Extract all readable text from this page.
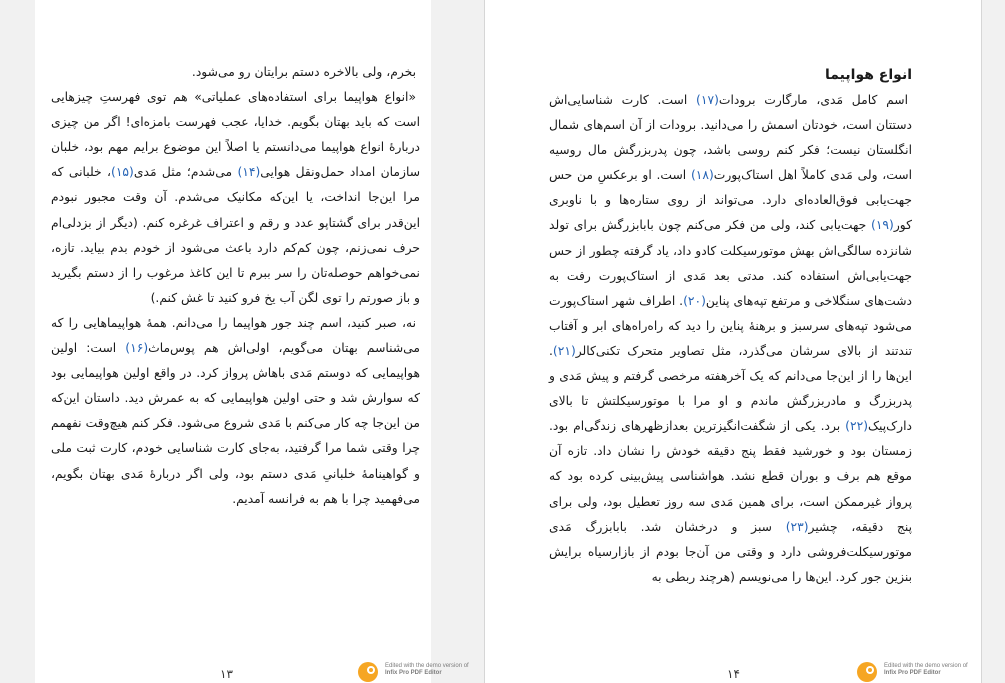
بخرم، ولی بالاخره دستم برایتان رو می‌شود.

«انواع هواپیما برای استفاده‌های عملیاتی» هم توی فهرستِ چیزهایی است که باید بهتان بگویم. خدایا، عجب فهرست بامزه‌ای! اگر من چیزی دربارهٔ انواع هواپیما می‌دانستم یا اصلاً این موضوع برایم مهم بود، خلبان سازمان امداد حمل‌ونقل هوایی(۱۴) می‌شدم؛ مثل مَدی(۱۵)، خلبانی که مرا این‌جا انداخت، یا این‌که مکانیک می‌شدم. آن وقت مجبور نبودم این‌قدر برای گشتاپو عدد و رقم و اعتراف غرغره کنم. (دیگر از بزدلی‌ام حرف نمی‌زنم، چون کم‌کم دارد باعث می‌شود از خودم بدم بیاید. تازه، نمی‌خواهم حوصله‌تان را سر ببرم تا این کاغذ مرغوب را از دستم بگیرید و باز صورتم را توی لگن آب یخ فرو کنید تا غش کنم.)

نه، صبر کنید، اسم چند جور هواپیما را می‌دانم. همهٔ هواپیماهایی را که می‌شناسم بهتان می‌گویم، اولی‌اش هم پوس‌ماث(۱۶) است: اولین هواپیمایی که دوستم مَدی باهاش پرواز کرد. در واقع اولین هواپیمایی بود که سوارش شد و حتی اولین هواپیمایی که به عمرش دید. داستان این‌که من این‌جا چه کار می‌کنم با مَدی شروع می‌شود. فکر کنم هیچ‌وقت نفهمم چرا وقتی شما مرا گرفتید، به‌جای کارت شناسایی خودم، کارت ثبت ملی و گواهینامهٔ خلبانیِ مَدی دستم بود، ولی اگر دربارهٔ مَدی بهتان بگویم، می‌فهمید چرا با هم به فرانسه آمدیم.

۱۳
Edited with the demo version of
Infix Pro PDF Editor

انواع هواپیما

اسم کامل مَدی، مارگارت برودات(۱۷) است. کارت شناسایی‌اش دستتان است، خودتان اسمش را می‌دانید. برودات از آن اسم‌های شمال انگلستان نیست؛ فکر کنم روسی باشد، چون پدربزرگش مال روسیه است، ولی مَدی کاملاً اهل استاک‌پورت(۱۸) است. او برعکسِ من حس جهت‌یابی فوق‌العاده‌ای دارد. می‌تواند از روی ستاره‌ها و با ناوبری کور(۱۹) جهت‌یابی کند، ولی من فکر می‌کنم چون بابابزرگش برای تولد شانزده سالگی‌اش بهش موتورسیکلت کادو داد، یاد گرفته چطور از حس جهت‌یابی‌اش استفاده کند. مدتی بعد مَدی از استاک‌پورت رفت به دشت‌های سنگلاخی و مرتفع تپه‌های پناین(۲۰). اطراف شهر استاک‌پورت می‌شود تپه‌های سرسبز و برهنهٔ پناین را دید که راه‌راه‌های ابر و آفتاب تندتند از بالای سرشان می‌گذرد، مثل تصاویر متحرک تکنی‌کالر(۲۱). این‌ها را از این‌جا می‌دانم که یک آخرهفته مرخصی گرفتم و پیش مَدی و پدربزرگ و مادربزرگش ماندم و او مرا با موتورسیکلتش تا بالای دارک‌پیک(۲۲) برد. یکی از شگفت‌انگیزترین بعدازظهرهای زندگی‌ام بود. زمستان بود و خورشید فقط پنج دقیقه خودش را نشان داد. تازه آن موقع هم برف و بوران قطع نشد. هواشناسی پیش‌بینی کرده بود که پرواز غیرممکن است، برای همین مَدی سه روز تعطیل بود، ولی برای پنج دقیقه، چشیر(۲۳) سبز و درخشان شد. بابابزرگ مَدی موتورسیکلت‌فروشی دارد و وقتی من آن‌جا بودم از بازارسیاه برایش بنزین جور کرد. این‌ها را می‌نویسم (هرچند ربطی به

۱۴
Edited with the demo version of
Infix Pro PDF Editor
